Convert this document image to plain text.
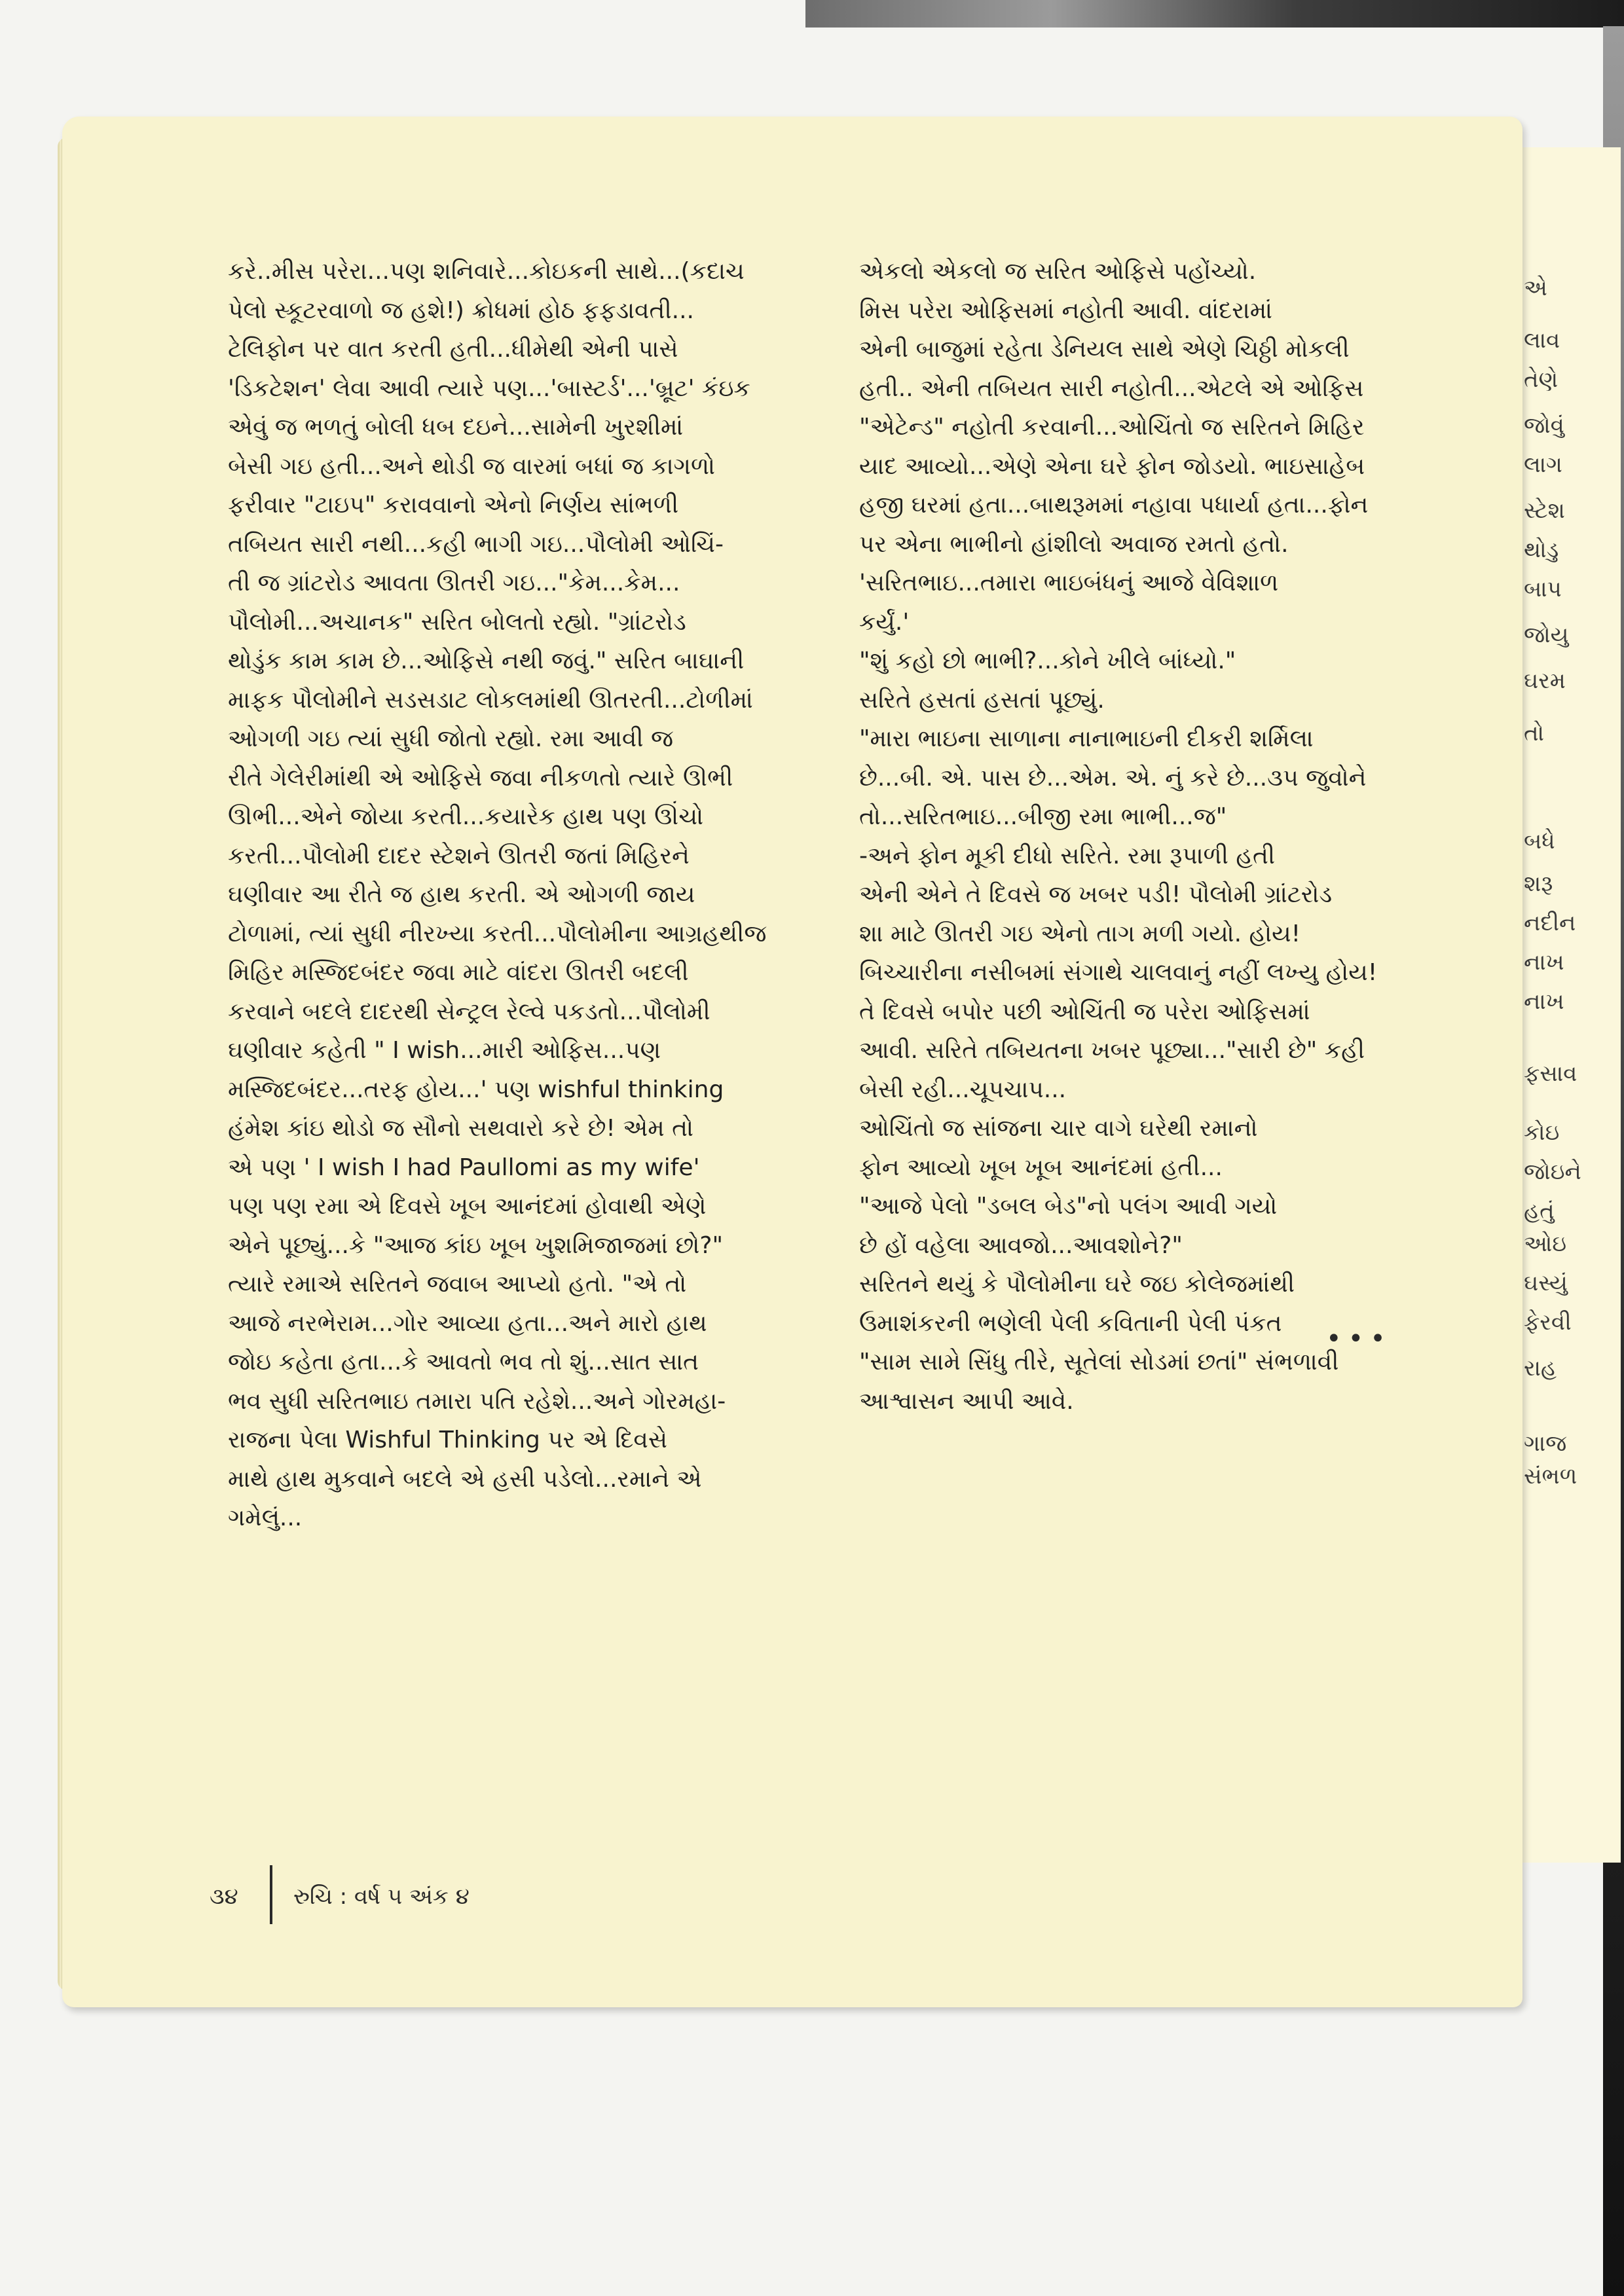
એ
લાવ
તેણે
જોવું
લાગ
સ્ટેશ
થોડુ
બાપ
જોયુ
ઘરમ
તો
બધે
શરૂ
નદીન
નાખ
નાખ
ફસાવ
કોઇ
જોઇને
હતું
ઓઇ
ઘસ્યું
ફેરવી
રાહ
ગાજ
સંભળ

કરે..મીસ પરેરા...પણ શનિવારે...કોઇકની સાથે...(કદાચ

પેલો સ્કૂટરવાળો જ હશે!) ક્રોધમાં હોઠ ફફડાવતી...

ટેલિફોન પર વાત કરતી હતી...ધીમેથી એની પાસે

'ડિકટેશન' લેવા આવી ત્યારે પણ...'બાસ્ટર્ડ'...'બ્રૂટ' કંઇક

એવું જ ભળતું બોલી ધબ દઇને...સામેની ખુરશીમાં

બેસી ગઇ હતી...અને થોડી જ વારમાં બધાં જ કાગળો

ફરીવાર "ટાઇપ" કરાવવાનો એનો નિર્ણય સાંભળી

તબિયત સારી નથી...કહી ભાગી ગઇ...પૌલોમી ઓચિં-

તી જ ગ્રાંટરોડ આવતા ઊતરી ગઇ..."કેમ...કેમ...

પૌલોમી...અચાનક" સરિત બોલતો રહ્યો. "ગ્રાંટરોડ

થોડુંક કામ કામ છે...ઓફિસે નથી જવું." સરિત બાઘાની

માફક પૌલોમીને સડસડાટ લોકલમાંથી ઊતરતી...ટોળીમાં

ઓગળી ગઇ ત્યાં સુધી જોતો રહ્યો. રમા આવી જ

રીતે ગેલેરીમાંથી એ ઓફિસે જવા નીકળતો ત્યારે ઊભી

ઊભી...એને જોયા કરતી...કયારેક હાથ પણ ઊંચો

કરતી...પૌલોમી દાદર સ્ટેશને ઊતરી જતાં મિહિરને

ઘણીવાર આ રીતે જ હાથ કરતી. એ ઓગળી જાય

ટોળામાં, ત્યાં સુધી નીરખ્યા કરતી...પૌલોમીના આગ્રહથીજ

મિહિર મસ્જિદબંદર જવા માટે વાંદરા ઊતરી બદલી

કરવાને બદલે દાદરથી સેન્ટ્રલ રેલ્વે પકડતો...પૌલોમી

ઘણીવાર કહેતી " I wish...મારી ઓફિસ...પણ

મસ્જિદબંદર...તરફ હોય...' પણ wishful thinking

હંમેશ કાંઇ થોડો જ સૌનો સથવારો કરે છે! એમ તો

એ પણ ' I wish I had Paullomi as my wife'

પણ પણ રમા એ દિવસે ખૂબ આનંદમાં હોવાથી એણે

એને પૂછ્યું...કે "આજ કાંઇ ખૂબ ખુશમિજાજમાં છો?"

ત્યારે રમાએ સરિતને જવાબ આપ્યો હતો. "એ તો

આજે નરભેરામ...ગોર આવ્યા હતા...અને મારો હાથ

જોઇ કહેતા હતા...કે આવતો ભવ તો શું...સાત સાત

ભવ સુધી સરિતભાઇ તમારા પતિ રહેશે...અને ગોરમહા-

રાજના પેલા Wishful Thinking પર એ દિવસે

માથે હાથ મુકવાને બદલે એ હસી પડેલો...રમાને એ

ગમેલું...

એકલો એકલો જ સરિત ઓફિસે પહોંચ્યો.

મિસ પરેરા ઓફિસમાં નહોતી આવી. વાંદરામાં

એની બાજુમાં રહેતા ડેનિયલ સાથે એણે ચિઠ્ઠી મોકલી

હતી.. એની તબિયત સારી નહોતી...એટલે એ ઓફિસ

"એટેન્ડ" નહોતી કરવાની...ઓચિંતો જ સરિતને મિહિર

યાદ આવ્યો...એણે એના ઘરે ફોન જોડયો. ભાઇસાહેબ

હજી ઘરમાં હતા...બાથરૂમમાં નહાવા પધાર્યા હતા...ફોન

પર એના ભાભીનો હાંશીલો અવાજ રમતો હતો.

'સરિતભાઇ...તમારા ભાઇબંધનું આજે વેવિશાળ

કર્યું.'

"શું કહો છો ભાભી?...કોને ખીલે બાંધ્યો."

સરિતે હસતાં હસતાં પૂછ્યું.

"મારા ભાઇના સાળાના નાનાભાઇની દીકરી શર્મિલા

છે...બી. એ. પાસ છે...એમ. એ. નું કરે છે...૩૫ જુવોને

તો...સરિતભાઇ...બીજી રમા ભાભી...જ"

-અને ફોન મૂકી દીધો સરિતે. રમા રૂપાળી હતી

એની એને તે દિવસે જ ખબર પડી! પૌલોમી ગ્રાંટરોડ

શા માટે ઊતરી ગઇ એનો તાગ મળી ગયો. હોય!

બિચ્ચારીના નસીબમાં સંગાથે ચાલવાનું નહીં લખ્યુ હોય!

તે દિવસે બપોર પછી ઓચિંતી જ પરેરા ઓફિસમાં

આવી. સરિતે તબિયતના ખબર પૂછ્યા..."સારી છે" કહી

બેસી રહી...ચૂપચાપ...

ઓચિંતો જ સાંજના ચાર વાગે ઘરેથી રમાનો

ફોન આવ્યો ખૂબ ખૂબ આનંદમાં હતી...

"આજે પેલો "ડબલ બેડ"નો પલંગ આવી ગયો

છે હોં વહેલા આવજો...આવશોને?"

સરિતને થયું કે પૌલોમીના ઘરે જઇ કોલેજમાંથી

ઉમાશંકરની ભણેલી પેલી કવિતાની પેલી પંકત

"સામ સામે સિંધુ તીરે, સૂતેલાં સોડમાં છતાં" સંભળાવી

આશ્વાસન આપી આવે.

•••
૩૪ રુચિ : વર્ષ ૫ અંક ૪
